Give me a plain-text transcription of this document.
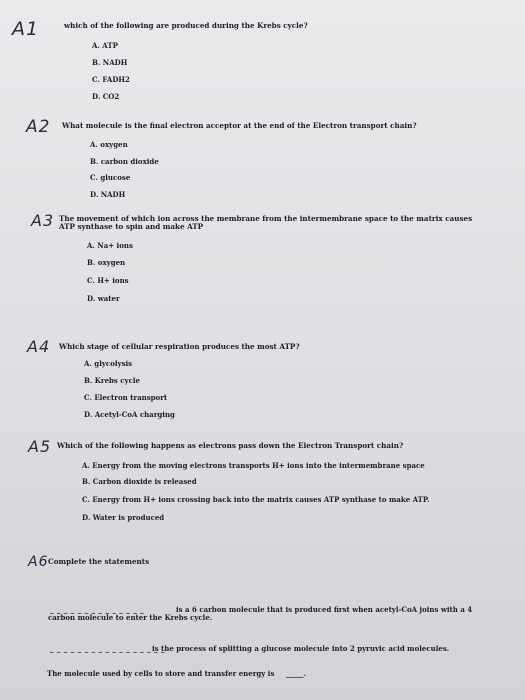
A1	which of the following are produced during the Krebs cycle?
A. ATP
B. NADH
C. FADH2
D. CO2
A2 What molecule is the final electron acceptor at the end of the Electron transport chain?
A. oxygen
B. carbon dioxide
C. glucose
D. NADH
A3 The movement of which ion across the membrane from the intermembrane space to the matrix causes
ATP synthase to spin and make ATP
A. Na+ ions
B. oxygen
C. H+ ions
D. water
A4 Which stage of cellular respiration produces the most ATP?
A. glycolysis
B. Krebs cycle
C. Electron transport
D. Acetyl-CoA charging
A5 Which of the following happens as electrons pass down the Electron Transport chain?
A. Energy from the moving electrons transports H+ ions into the intermembrane space
B. Carbon dioxide is released
C. Energy from H+ ions crossing back into the matrix causes ATP synthase to make ATP.
D. Water is produced
A6 Complete the statements
_ _ _ _ _ _ _ _ _ _ _ _ _ _	is a 6 carbon molecule that is produced first when acetyl-CoA joins with a 4
carbon molecule to enter the Krebs cycle.
_ _ _ _ _ _ _ _ _ _ _ _ _ _ _ _ _
is the process of splitting a glucose molecule into 2 pyruvic acid molecules.
The molecule used by cells to store and transfer energy is _____.
